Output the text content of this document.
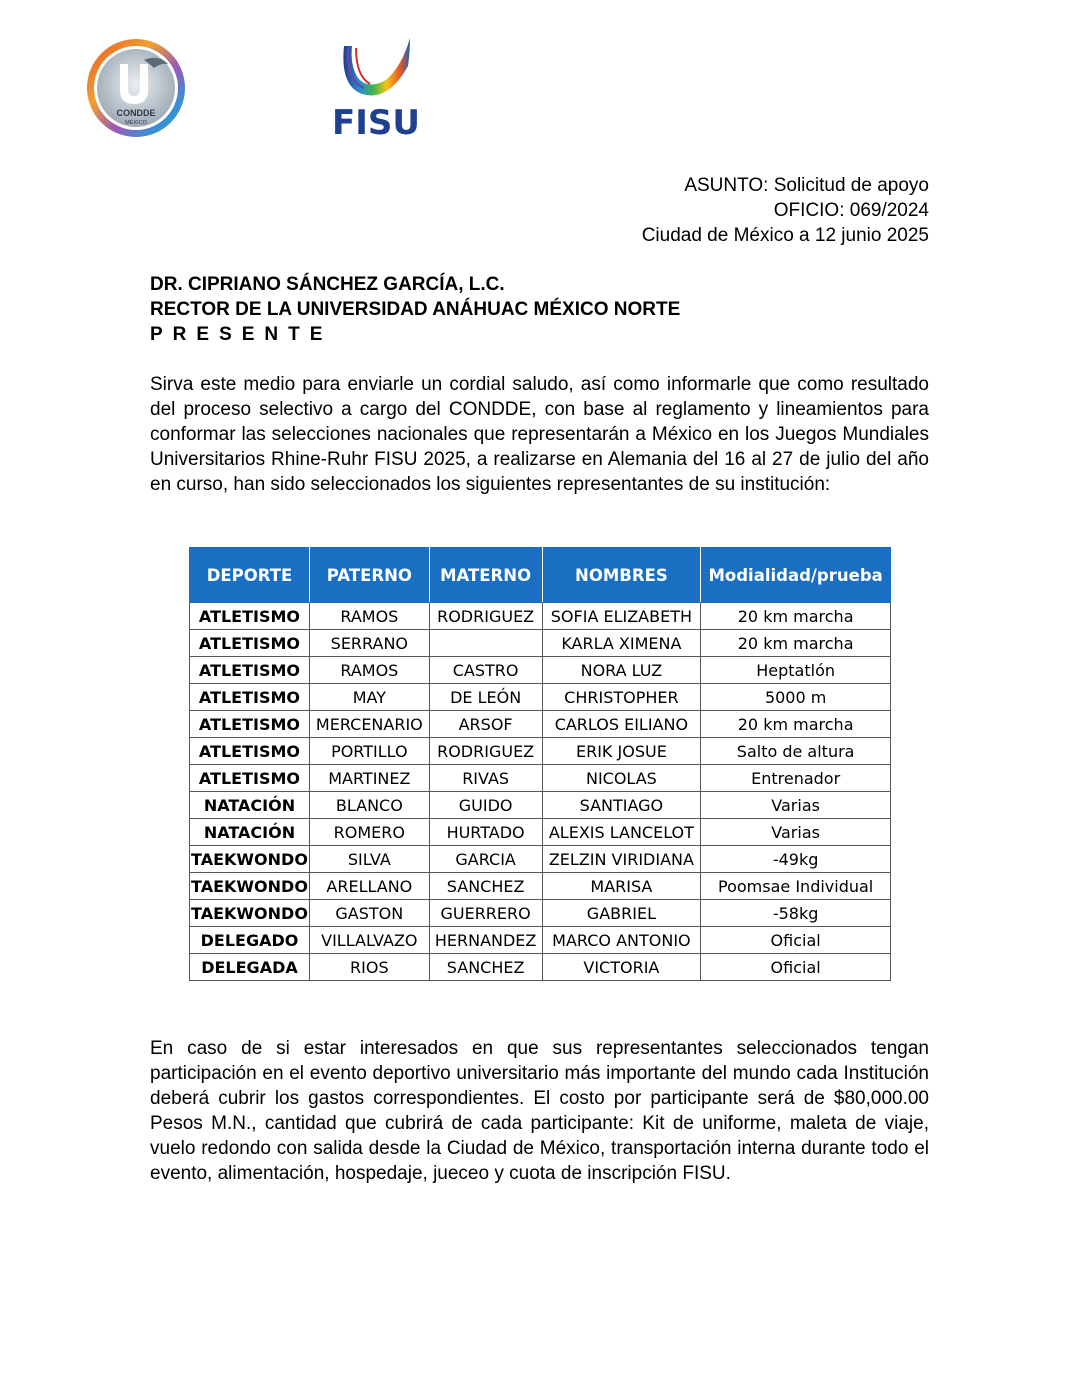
CONDDE
MÉXICO	FISU
ASUNTO: Solicitud de apoyo
OFICIO: 069/2024
Ciudad de México a 12 junio 2025
DR. CIPRIANO SÁNCHEZ GARCÍA, L.C.
RECTOR DE LA UNIVERSIDAD ANÁHUAC MÉXICO NORTE
PRESENTE
Sirva este medio para enviarle un cordial saludo, así como informarle que como resultado del proceso selectivo a cargo del CONDDE, con base al reglamento y lineamientos para conformar las selecciones nacionales que representarán a México en los Juegos Mundiales Universitarios Rhine-Ruhr FISU 2025, a realizarse en Alemania del 16 al 27 de julio del año en curso, han sido seleccionados los siguientes representantes de su institución:
DEPORTE	PATERNO	MATERNO	NOMBRES	Modialidad/prueba
ATLETISMO	RAMOS	RODRIGUEZ	SOFIA ELIZABETH	20 km marcha
ATLETISMO	SERRANO		KARLA XIMENA	20 km marcha
ATLETISMO	RAMOS	CASTRO	NORA LUZ	Heptatlón
ATLETISMO	MAY	DE LEÓN	CHRISTOPHER	5000 m
ATLETISMO	MERCENARIO	ARSOF	CARLOS EILIANO	20 km marcha
ATLETISMO	PORTILLO	RODRIGUEZ	ERIK JOSUE	Salto de altura
ATLETISMO	MARTINEZ	RIVAS	NICOLAS	Entrenador
NATACIÓN	BLANCO	GUIDO	SANTIAGO	Varias
NATACIÓN	ROMERO	HURTADO	ALEXIS LANCELOT	Varias
TAEKWONDO	SILVA	GARCIA	ZELZIN VIRIDIANA	-49kg
TAEKWONDO	ARELLANO	SANCHEZ	MARISA	Poomsae Individual
TAEKWONDO	GASTON	GUERRERO	GABRIEL	-58kg
DELEGADO	VILLALVAZO	HERNANDEZ	MARCO ANTONIO	Oficial
DELEGADA	RIOS	SANCHEZ	VICTORIA	Oficial
En caso de si estar interesados en que sus representantes seleccionados tengan participación en el evento deportivo universitario más importante del mundo cada Institución deberá cubrir los gastos correspondientes. El costo por participante será de $80,000.00 Pesos M.N., cantidad que cubrirá de cada participante: Kit de uniforme, maleta de viaje, vuelo redondo con salida desde la Ciudad de México, transportación interna durante todo el evento, alimentación, hospedaje, jueceo y cuota de inscripción FISU.
